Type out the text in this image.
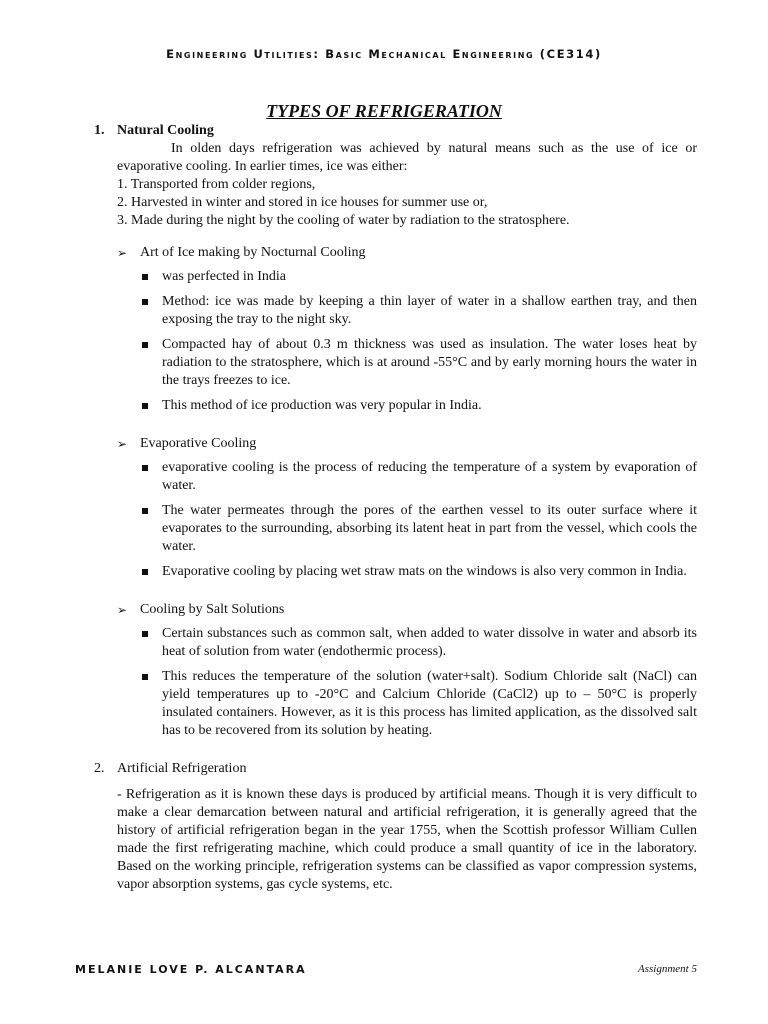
Engineering Utilities: Basic Mechanical Engineering (CE314)
TYPES OF REFRIGERATION
1. Natural Cooling

In olden days refrigeration was achieved by natural means such as the use of ice or evaporative cooling. In earlier times, ice was either:

1. Transported from colder regions,
2. Harvested in winter and stored in ice houses for summer use or,
3. Made during the night by the cooling of water by radiation to the stratosphere.
➢ Art of Ice making by Nocturnal Cooling
was perfected in India
Method: ice was made by keeping a thin layer of water in a shallow earthen tray, and then exposing the tray to the night sky.
Compacted hay of about 0.3 m thickness was used as insulation. The water loses heat by radiation to the stratosphere, which is at around -55°C and by early morning hours the water in the trays freezes to ice.
This method of ice production was very popular in India.
➢ Evaporative Cooling
evaporative cooling is the process of reducing the temperature of a system by evaporation of water.
The water permeates through the pores of the earthen vessel to its outer surface where it evaporates to the surrounding, absorbing its latent heat in part from the vessel, which cools the water.
Evaporative cooling by placing wet straw mats on the windows is also very common in India.
➢ Cooling by Salt Solutions
Certain substances such as common salt, when added to water dissolve in water and absorb its heat of solution from water (endothermic process).
This reduces the temperature of the solution (water+salt). Sodium Chloride salt (NaCl) can yield temperatures up to -20°C and Calcium Chloride (CaCl2) up to – 50°C is properly insulated containers. However, as it is this process has limited application, as the dissolved salt has to be recovered from its solution by heating.
2. Artificial Refrigeration

- Refrigeration as it is known these days is produced by artificial means. Though it is very difficult to make a clear demarcation between natural and artificial refrigeration, it is generally agreed that the history of artificial refrigeration began in the year 1755, when the Scottish professor William Cullen made the first refrigerating machine, which could produce a small quantity of ice in the laboratory. Based on the working principle, refrigeration systems can be classified as vapor compression systems, vapor absorption systems, gas cycle systems, etc.

MELANIE LOVE P. ALCANTARA	Assignment 5
